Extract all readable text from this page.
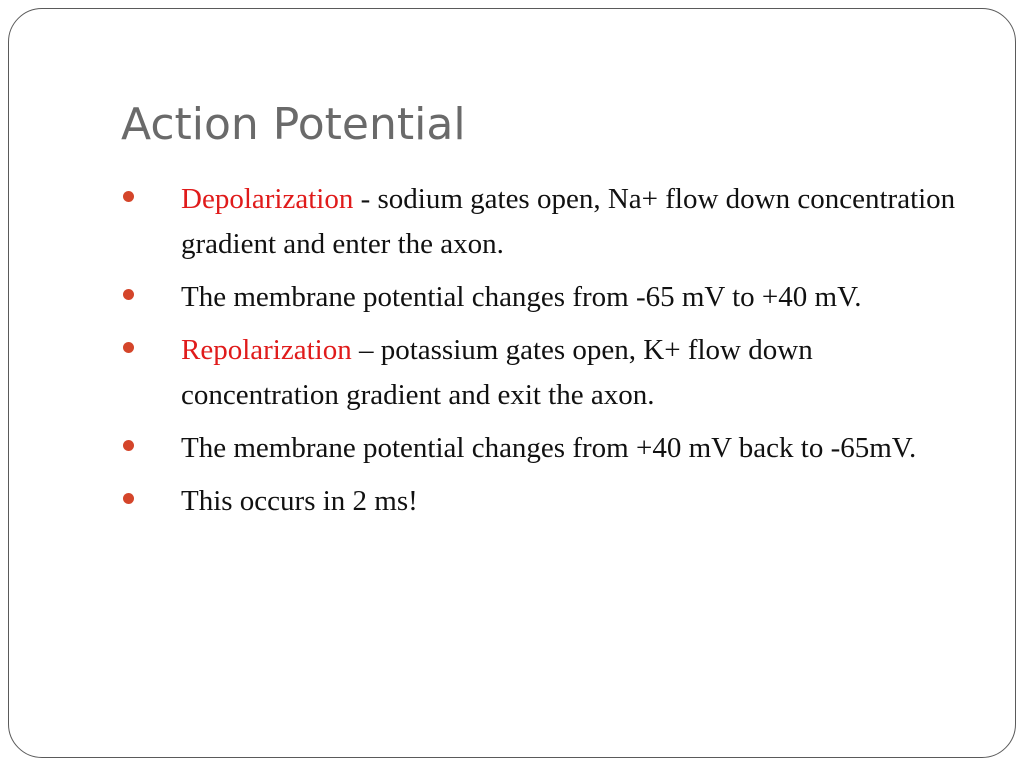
Action Potential
Depolarization - sodium gates open, Na+ flow down concentration gradient and enter the axon.
The membrane potential changes from -65 mV to +40 mV.
Repolarization – potassium gates open, K+ flow down concentration gradient and exit the axon.
The membrane potential changes from +40 mV back to -65mV.
This occurs in 2 ms!
